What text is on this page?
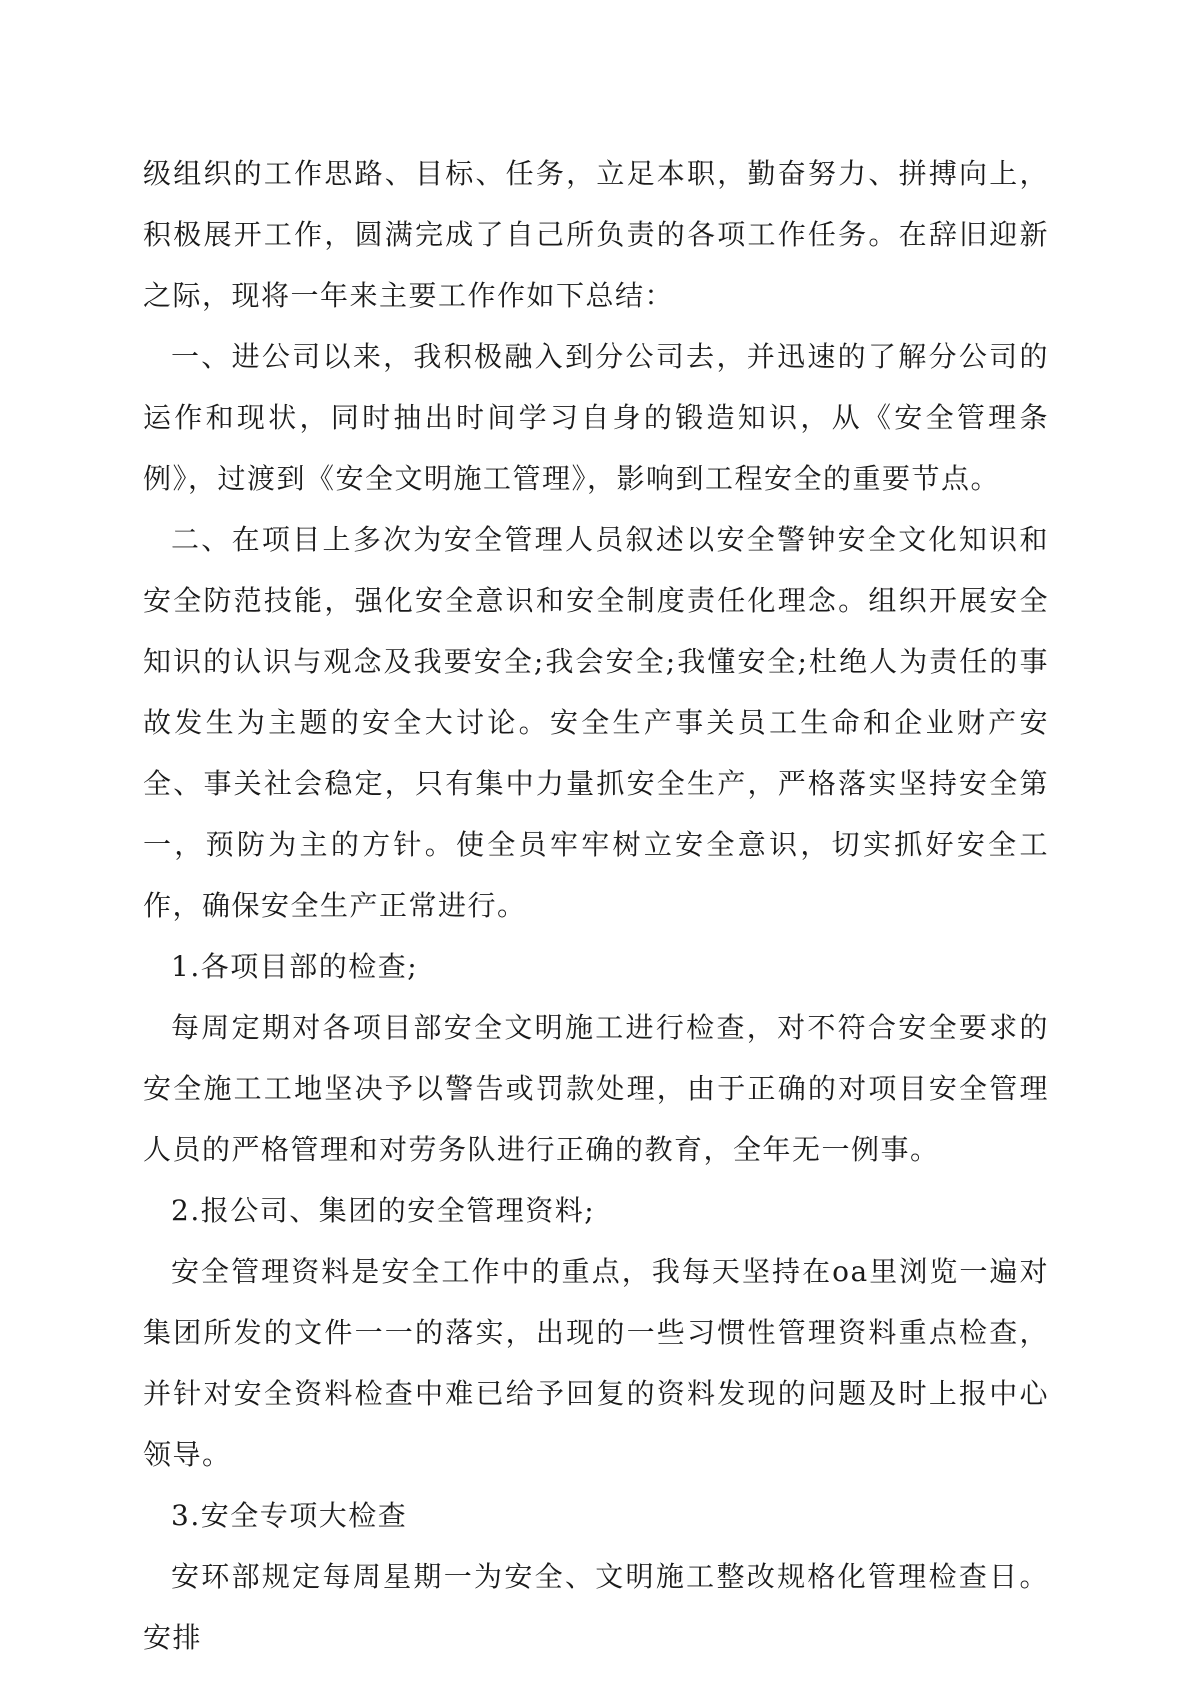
级组织的工作思路、目标、任务，立足本职，勤奋努力、拼搏向上，积极展开工作，圆满完成了自己所负责的各项工作任务。在辞旧迎新之际，现将一年来主要工作作如下总结：

一、进公司以来，我积极融入到分公司去，并迅速的了解分公司的运作和现状，同时抽出时间学习自身的锻造知识，从《安全管理条例》，过渡到《安全文明施工管理》，影响到工程安全的重要节点。

二、在项目上多次为安全管理人员叙述以安全警钟安全文化知识和安全防范技能，强化安全意识和安全制度责任化理念。组织开展安全知识的认识与观念及我要安全;我会安全;我懂安全;杜绝人为责任的事故发生为主题的安全大讨论。安全生产事关员工生命和企业财产安全、事关社会稳定，只有集中力量抓安全生产，严格落实坚持安全第一，预防为主的方针。使全员牢牢树立安全意识，切实抓好安全工作，确保安全生产正常进行。

1.各项目部的检查;

每周定期对各项目部安全文明施工进行检查，对不符合安全要求的安全施工工地坚决予以警告或罚款处理，由于正确的对项目安全管理人员的严格管理和对劳务队进行正确的教育，全年无一例事。

2.报公司、集团的安全管理资料;

安全管理资料是安全工作中的重点，我每天坚持在oa里浏览一遍对集团所发的文件一一的落实，出现的一些习惯性管理资料重点检查，并针对安全资料检查中难已给予回复的资料发现的问题及时上报中心领导。

3.安全专项大检查

安环部规定每周星期一为安全、文明施工整改规格化管理检查日。安排
